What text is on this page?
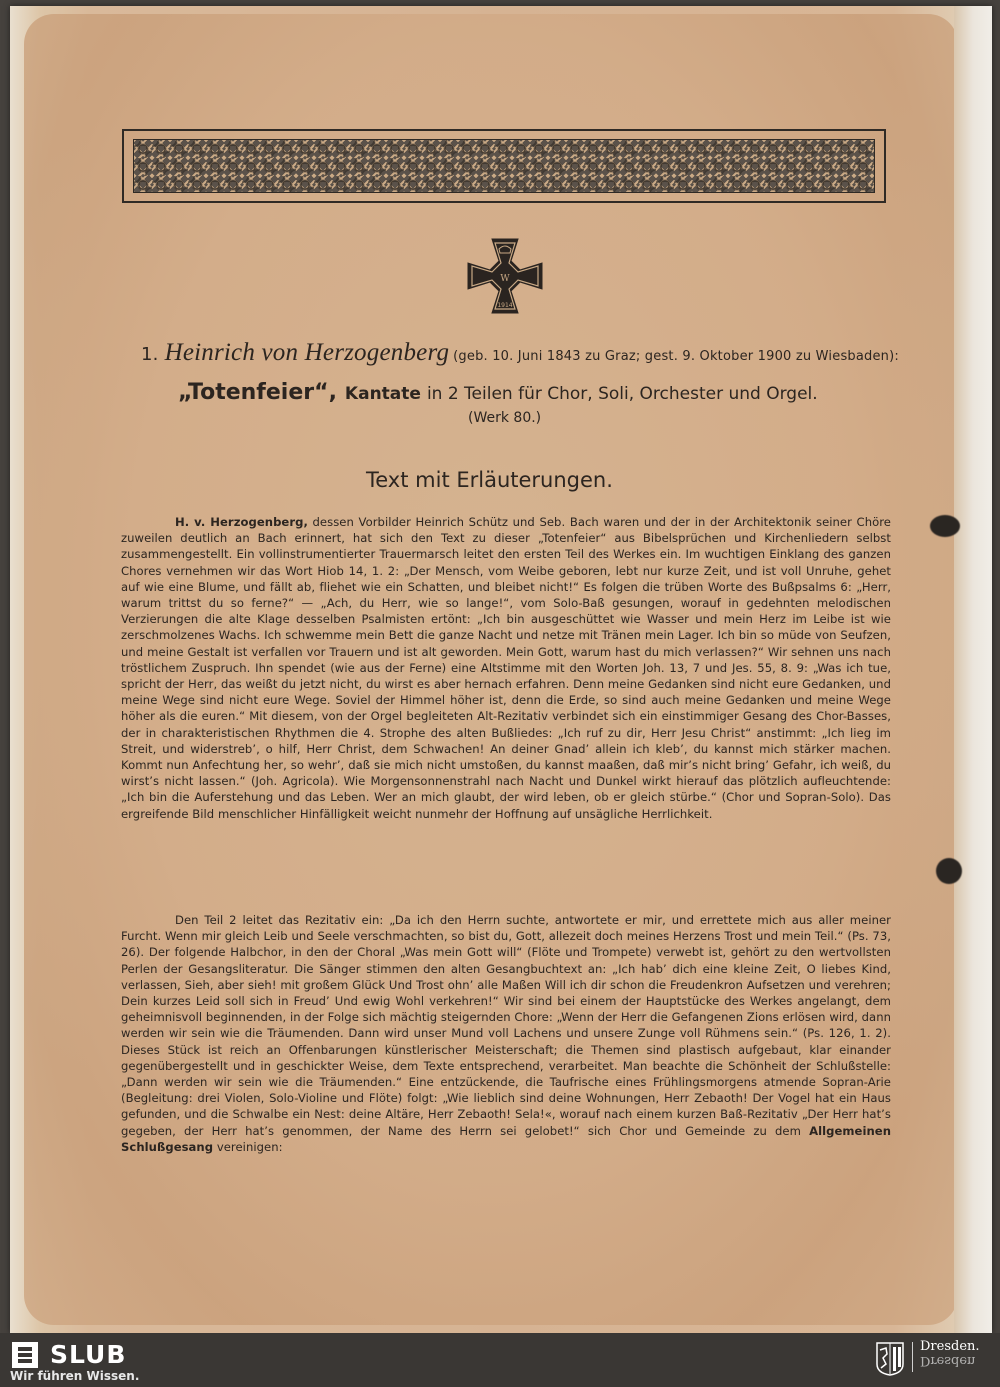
W
1914
1. Heinrich von Herzogenberg (geb. 10. Juni 1843 zu Graz; gest. 9. Oktober 1900 zu Wiesbaden):
„Totenfeier“, Kantate in 2 Teilen für Chor, Soli, Orchester und Orgel.
(Werk 80.)
Text mit Erläuterungen.
H. v. Herzogenberg, dessen Vorbilder Heinrich Schütz und Seb. Bach waren und der in der Architektonik seiner Chöre zuweilen deutlich an Bach erinnert, hat sich den Text zu dieser „Totenfeier“ aus Bibelsprüchen und Kirchenliedern selbst zusammengestellt. Ein vollinstrumentierter Trauermarsch leitet den ersten Teil des Werkes ein. Im wuchtigen Einklang des ganzen Chores vernehmen wir das Wort Hiob 14, 1. 2: „Der Mensch, vom Weibe geboren, lebt nur kurze Zeit, und ist voll Unruhe, gehet auf wie eine Blume, und fällt ab, fliehet wie ein Schatten, und bleibet nicht!“ Es folgen die trüben Worte des Bußpsalms 6: „Herr, warum trittst du so ferne?“ — „Ach, du Herr, wie so lange!“, vom Solo-Baß gesungen, worauf in gedehnten melodischen Verzierungen die alte Klage desselben Psalmisten ertönt: „Ich bin ausgeschüttet wie Wasser und mein Herz im Leibe ist wie zerschmolzenes Wachs. Ich schwemme mein Bett die ganze Nacht und netze mit Tränen mein Lager. Ich bin so müde von Seufzen, und meine Gestalt ist verfallen vor Trauern und ist alt geworden. Mein Gott, warum hast du mich verlassen?“ Wir sehnen uns nach tröstlichem Zuspruch. Ihn spendet (wie aus der Ferne) eine Altstimme mit den Worten Joh. 13, 7 und Jes. 55, 8. 9: „Was ich tue, spricht der Herr, das weißt du jetzt nicht, du wirst es aber hernach erfahren. Denn meine Gedanken sind nicht eure Gedanken, und meine Wege sind nicht eure Wege. Soviel der Himmel höher ist, denn die Erde, so sind auch meine Gedanken und meine Wege höher als die euren.“ Mit diesem, von der Orgel begleiteten Alt-Rezitativ verbindet sich ein einstimmiger Gesang des Chor-Basses, der in charakteristischen Rhythmen die 4. Strophe des alten Bußliedes: „Ich ruf zu dir, Herr Jesu Christ“ anstimmt: „Ich lieg im Streit, und widerstreb’, o hilf, Herr Christ, dem Schwachen! An deiner Gnad’ allein ich kleb’, du kannst mich stärker machen. Kommt nun Anfechtung her, so wehr’, daß sie mich nicht umstoßen, du kannst maaßen, daß mir’s nicht bring’ Gefahr, ich weiß, du wirst’s nicht lassen.“ (Joh. Agricola). Wie Morgensonnenstrahl nach Nacht und Dunkel wirkt hierauf das plötzlich aufleuchtende: „Ich bin die Auferstehung und das Leben. Wer an mich glaubt, der wird leben, ob er gleich stürbe.“ (Chor und Sopran-Solo). Das ergreifende Bild menschlicher Hinfälligkeit weicht nunmehr der Hoffnung auf unsägliche Herrlichkeit.
Den Teil 2 leitet das Rezitativ ein: „Da ich den Herrn suchte, antwortete er mir, und errettete mich aus aller meiner Furcht. Wenn mir gleich Leib und Seele verschmachten, so bist du, Gott, allezeit doch meines Herzens Trost und mein Teil.“ (Ps. 73, 26). Der folgende Halbchor, in den der Choral „Was mein Gott will“ (Flöte und Trompete) verwebt ist, gehört zu den wertvollsten Perlen der Gesangsliteratur. Die Sänger stimmen den alten Gesangbuchtext an: „Ich hab’ dich eine kleine Zeit, O liebes Kind, verlassen, Sieh, aber sieh! mit großem Glück Und Trost ohn’ alle Maßen Will ich dir schon die Freudenkron Aufsetzen und verehren; Dein kurzes Leid soll sich in Freud’ Und ewig Wohl verkehren!“ Wir sind bei einem der Hauptstücke des Werkes angelangt, dem geheimnisvoll beginnenden, in der Folge sich mächtig steigernden Chore: „Wenn der Herr die Gefangenen Zions erlösen wird, dann werden wir sein wie die Träumenden. Dann wird unser Mund voll Lachens und unsere Zunge voll Rühmens sein.“ (Ps. 126, 1. 2). Dieses Stück ist reich an Offenbarungen künstlerischer Meisterschaft; die Themen sind plastisch aufgebaut, klar einander gegenübergestellt und in geschickter Weise, dem Texte entsprechend, verarbeitet. Man beachte die Schönheit der Schlußstelle: „Dann werden wir sein wie die Träumenden.“ Eine entzückende, die Taufrische eines Frühlingsmorgens atmende Sopran-Arie (Begleitung: drei Violen, Solo-Violine und Flöte) folgt: „Wie lieblich sind deine Wohnungen, Herr Zebaoth! Der Vogel hat ein Haus gefunden, und die Schwalbe ein Nest: deine Altäre, Herr Zebaoth! Sela!«, worauf nach einem kurzen Baß-Rezitativ „Der Herr hat’s gegeben, der Herr hat’s genommen, der Name des Herrn sei gelobet!“ sich Chor und Gemeinde zu dem Allgemeinen Schlußgesang vereinigen:
SLUB
Wir führen Wissen.
Dresden.
Dresden
